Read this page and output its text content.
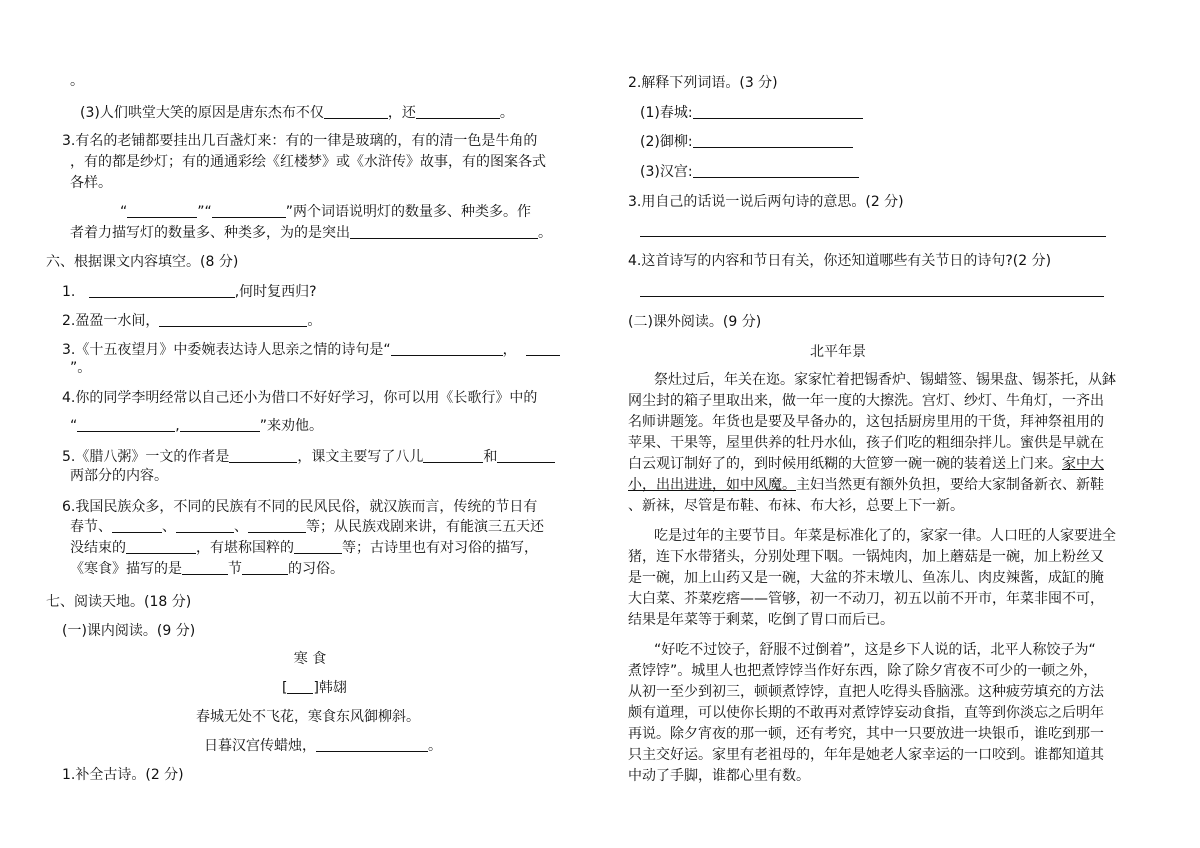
。
(3)人们哄堂大笑的原因是唐东杰布不仅	，还	。
3.有名的老铺都要挂出几百盏灯来：有的一律是玻璃的，有的清一色是牛角的
，有的都是纱灯；有的通通彩绘《红楼梦》或《水浒传》故事，有的图案各式
各样。
“	”“	”两个词语说明灯的数量多、种类多。作
者着力描写灯的数量多、种类多，为的是突出	。
六、根据课文内容填空。(8 分)
1.	,何时复西归?
2.盈盈一水间，	。
3.《十五夜望月》中委婉表达诗人思亲之情的诗句是“	，
”。
4.你的同学李明经常以自己还小为借口不好好学习，你可以用《长歌行》中的
“	,	”来劝他。
5.《腊八粥》一文的作者是	，课文主要写了八儿	和
两部分的内容。
6.我国民族众多，不同的民族有不同的民风民俗，就汉族而言，传统的节日有
春节、	、	、	等；从民族戏剧来讲，有能演三五天还
没结束的	，有堪称国粹的	等；古诗里也有对习俗的描写，
《寒食》描写的是	节	的习俗。
七、阅读天地。(18 分)
(一)课内阅读。(9 分)
寒 食
[ ]韩翃
春城无处不飞花，寒食东风御柳斜。
日暮汉宫传蜡烛，	。
1.补全古诗。(2 分)
2.解释下列词语。(3 分)
(1)春城:
(2)御柳:
(3)汉宫:
3.用自己的话说一说后两句诗的意思。(2 分)
4.这首诗写的内容和节日有关，你还知道哪些有关节日的诗句?(2 分)
(二)课外阅读。(9 分)
北平年景
祭灶过后，年关在迩。家家忙着把锡香炉、锡蜡签、锡果盘、锡茶托，从鉢
网尘封的箱子里取出来，做一年一度的大擦洗。宫灯、纱灯、牛角灯，一齐出
名师讲题笼。年货也是要及早备办的，这包括厨房里用的干货，拜神祭祖用的
苹果、干果等，屋里供养的牡丹水仙，孩子们吃的粗细杂拌儿。蜜供是早就在
白云观订制好了的，到时候用纸糊的大笸箩一碗一碗的装着送上门来。家中大
小，出出进进，如中风魔。主妇当然更有额外负担，要给大家制备新衣、新鞋
、新袜，尽管是布鞋、布袜、布大衫，总要上下一新。
吃是过年的主要节目。年菜是标准化了的，家家一律。人口旺的人家要进全
猪，连下水带猪头，分别处理下咽。一锅炖肉，加上蘑菇是一碗，加上粉丝又
是一碗，加上山药又是一碗，大盆的芥末墩儿、鱼冻儿、肉皮辣酱，成缸的腌
大白菜、芥菜疙瘩——管够，初一不动刀，初五以前不开市，年菜非囤不可，
结果是年菜等于剩菜，吃倒了胃口而后已。
“好吃不过饺子，舒服不过倒着”，这是乡下人说的话，北平人称饺子为“
煮饽饽”。城里人也把煮饽饽当作好东西，除了除夕宵夜不可少的一顿之外，
从初一至少到初三，顿顿煮饽饽，直把人吃得头昏脑涨。这种疲劳填充的方法
颇有道理，可以使你长期的不敢再对煮饽饽妄动食指，直等到你淡忘之后明年
再说。除夕宵夜的那一顿，还有考究，其中一只要放进一块银币，谁吃到那一
只主交好运。家里有老祖母的，年年是她老人家幸运的一口咬到。谁都知道其
中动了手脚，谁都心里有数。
